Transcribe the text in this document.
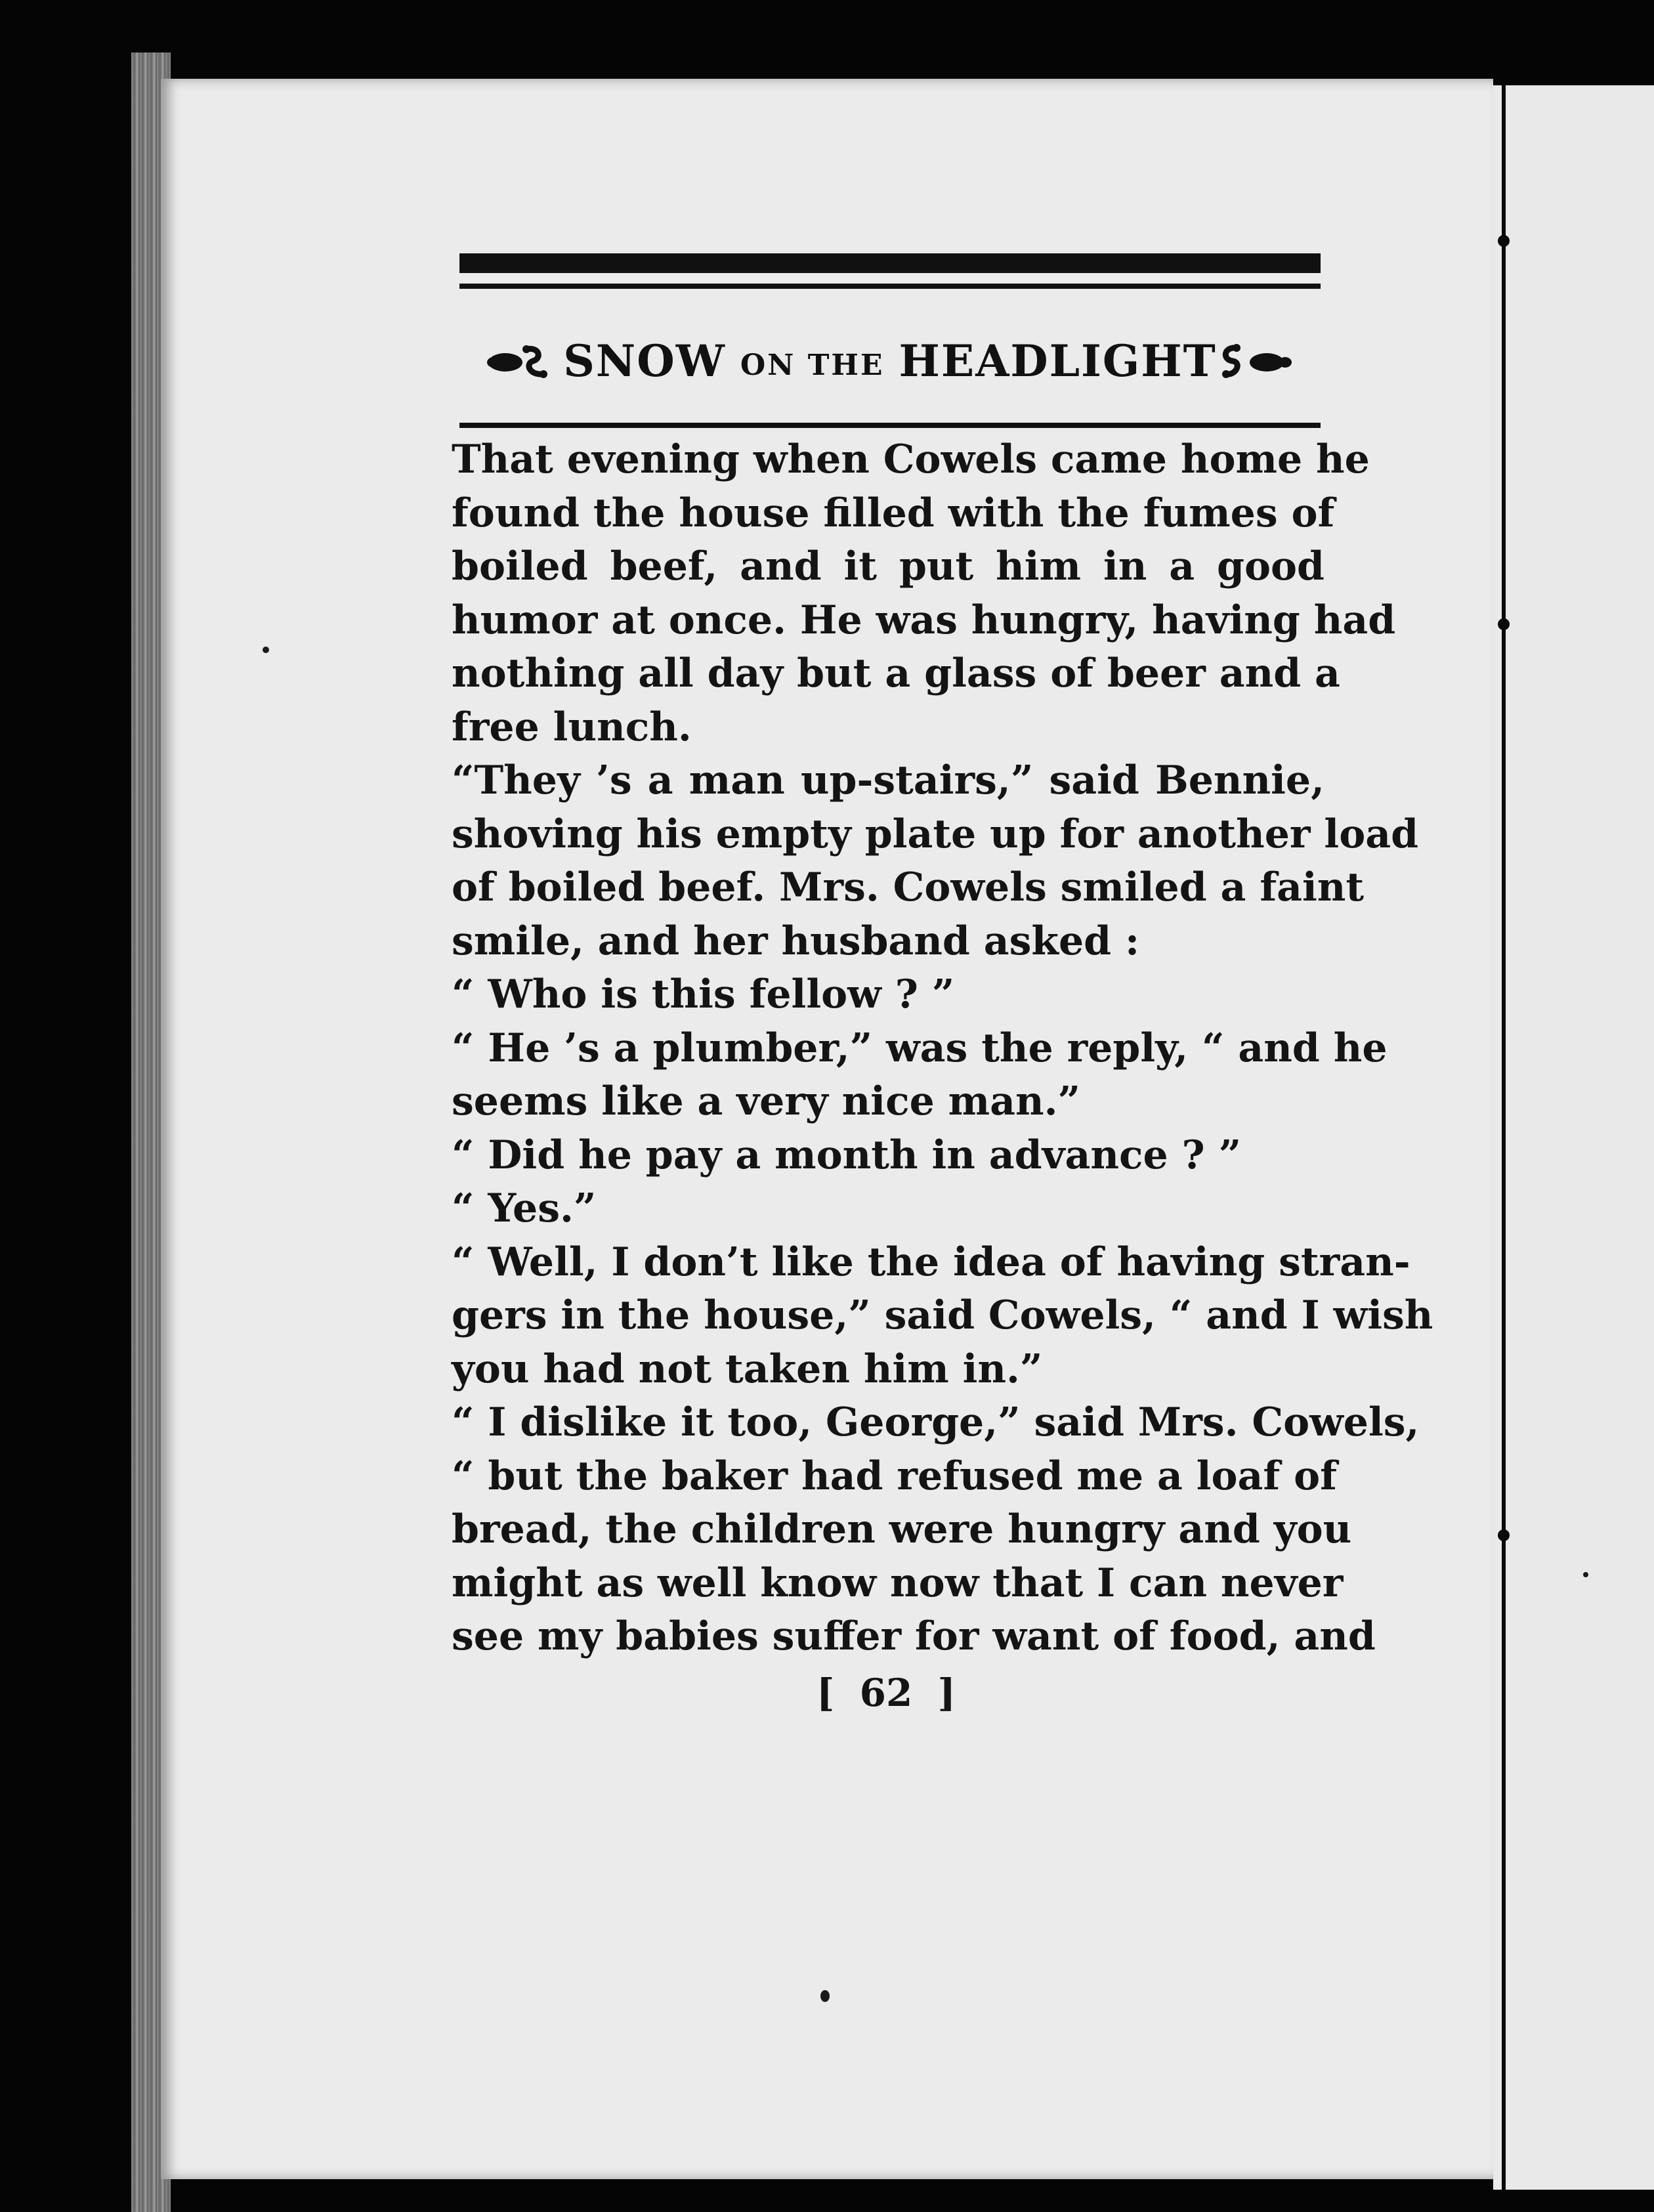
SNOW ON THE HEADLIGHT
That evening when Cowels came home he
found the house filled with the fumes of
boiled beef, and it put him in a good
humor at once. He was hungry, having had
nothing all day but a glass of beer and a
free lunch.
“They ’s a man up-stairs,” said Bennie,
shoving his empty plate up for another load
of boiled beef. Mrs. Cowels smiled a faint
smile, and her husband asked :
“ Who is this fellow ? ”
“ He ’s a plumber,” was the reply, “ and he
seems like a very nice man.”
“ Did he pay a month in advance ? ”
“ Yes.”
“ Well, I don’t like the idea of having stran-
gers in the house,” said Cowels, “ and I wish
you had not taken him in.”
“ I dislike it too, George,” said Mrs. Cowels,
“ but the baker had refused me a loaf of
bread, the children were hungry and you
might as well know now that I can never
see my babies suffer for want of food, and
[ 62 ]
